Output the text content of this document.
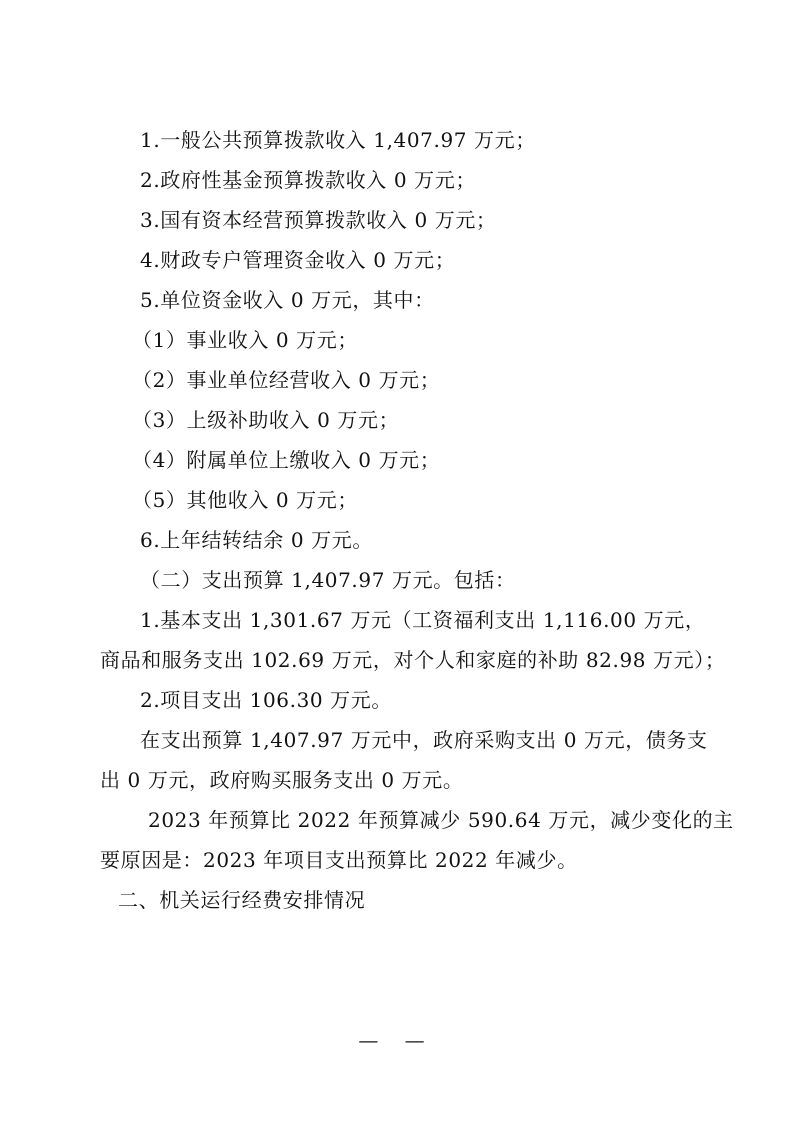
1.一般公共预算拨款收入 1,407.97 万元；
2.政府性基金预算拨款收入 0 万元；
3.国有资本经营预算拨款收入 0 万元；
4.财政专户管理资金收入 0 万元；
5.单位资金收入 0 万元，其中：
（1）事业收入 0 万元；
（2）事业单位经营收入 0 万元；
（3）上级补助收入 0 万元；
（4）附属单位上缴收入 0 万元；
（5）其他收入 0 万元；
6.上年结转结余 0 万元。
（二）支出预算 1,407.97 万元。包括：
1.基本支出 1,301.67 万元（工资福利支出 1,116.00 万元，
商品和服务支出 102.69 万元，对个人和家庭的补助 82.98 万元）；
2.项目支出 106.30 万元。
在支出预算 1,407.97 万元中，政府采购支出 0 万元，债务支
出 0 万元，政府购买服务支出 0 万元。
2023 年预算比 2022 年预算减少 590.64 万元，减少变化的主
要原因是：2023 年项目支出预算比 2022 年减少。
二、机关运行经费安排情况
— —
